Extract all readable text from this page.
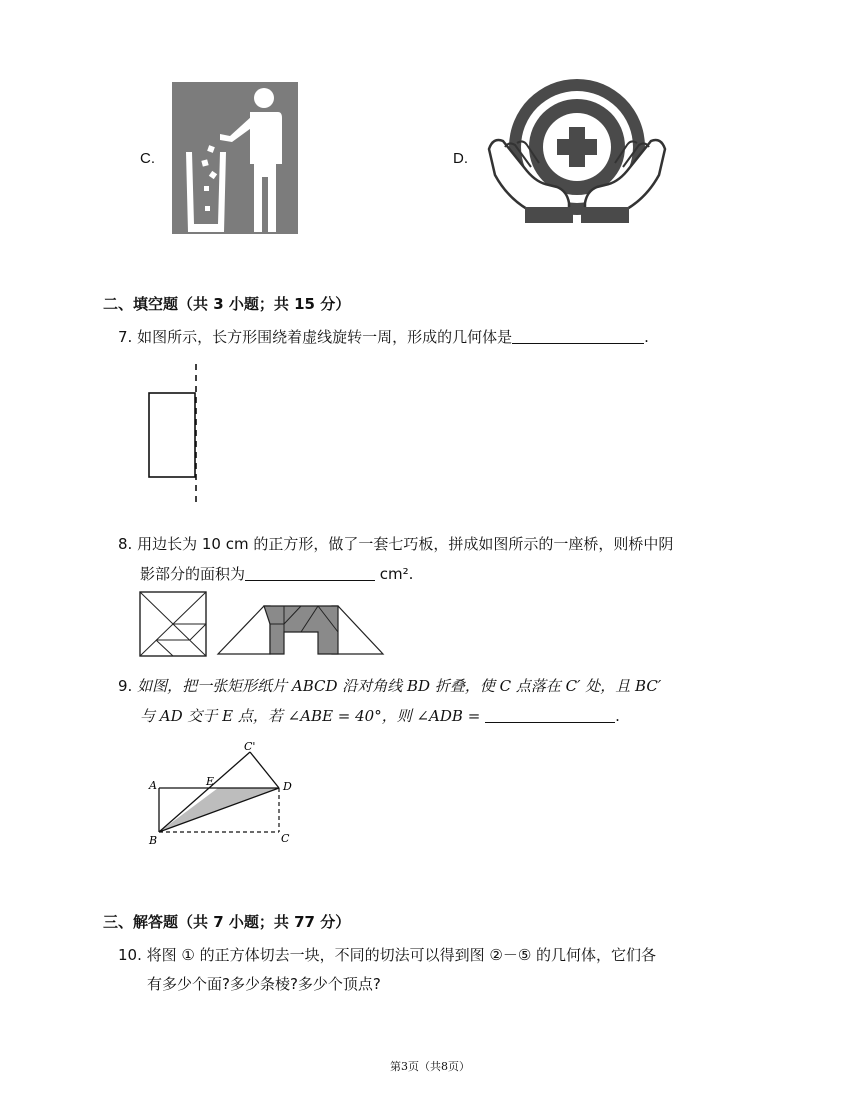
C.	D.
二、填空题（共 3 小题；共 15 分）
7. 如图所示，长方形围绕着虚线旋转一周，形成的几何体是	.
8. 用边长为 10 cm 的正方形，做了一套七巧板，拼成如图所示的一座桥，则桥中阴
影部分的面积为	cm².
9. 如图，把一张矩形纸片 ABCD 沿对角线 BD 折叠，使 C 点落在 C′ 处，且 BC′
与 AD 交于 E 点，若 ∠ABE = 40°，则 ∠ADB =	.
A	E
C'
D
B	C
三、解答题（共 7 小题；共 77 分）
10. 将图 ① 的正方体切去一块，不同的切法可以得到图 ②－⑤ 的几何体，它们各
有多少个面?多少条棱?多少个顶点?
第3页（共8页）
